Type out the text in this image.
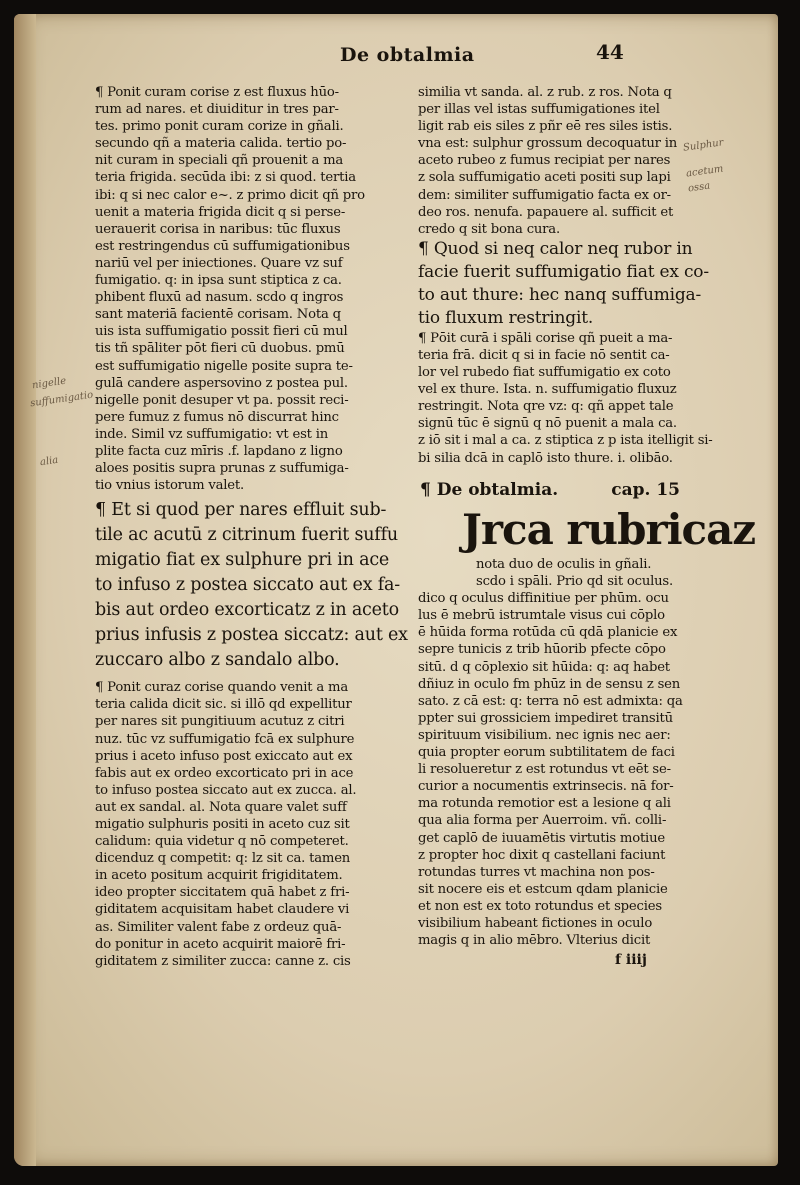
De obtalmia	44
¶ Ponit curam corise z est fluxus hūo-
rum ad nares. et diuiditur in tres par-
tes. primo ponit curam corize in gñali.
secundo qñ a materia calida. tertio po-
nit curam in speciali qñ prouenit a ma
teria frigida. secūda ibi: z si quod. tertia
ibi: q si nec calor e~. z primo dicit qñ pro
uenit a materia frigida dicit q si perse-
uerauerit corisa in naribus: tūc fluxus
est restringendus cū suffumigationibus
nariū vel per iniectiones. Quare vz suf
fumigatio. q: in ipsa sunt stiptica z ca.
phibent fluxū ad nasum. scdo q ingros
sant materiā facientē corisam. Nota q
uis ista suffumigatio possit fieri cū mul
tis tñ spāliter pōt fieri cū duobus. pmū
est suffumigatio nigelle posite supra te-
gulā candere aspersovino z postea pul.
nigelle ponit desuper vt pa. possit reci-
pere fumuz z fumus nō discurrat hinc
inde. Simil vz suffumigatio: vt est in
plite facta cuz mīris .f. lapdano z ligno
aloes positis supra prunas z suffumiga-
tio vnius istorum valet.
¶ Et si quod per nares effluit sub-
tile ac acutū z citrinum fuerit suffu
migatio fiat ex sulphure pri in ace
to infuso z postea siccato aut ex fa-
bis aut ordeo excorticatz z in aceto
prius infusis z postea siccatz: aut ex
zuccaro albo z sandalo albo.
¶ Ponit curaz corise quando venit a ma
teria calida dicit sic. si illō qd expellitur
per nares sit pungitiuum acutuz z citri
nuz. tūc vz suffumigatio fcā ex sulphure
prius i aceto infuso post exiccato aut ex
fabis aut ex ordeo excorticato pri in ace
to infuso postea siccato aut ex zucca. al.
aut ex sandal. al. Nota quare valet suff
migatio sulphuris positi in aceto cuz sit
calidum: quia videtur q nō competeret.
dicenduz q competit: q: lz sit ca. tamen
in aceto positum acquirit frigiditatem.
ideo propter siccitatem quā habet z fri-
giditatem acquisitam habet claudere vi
as. Similiter valent fabe z ordeuz quā-
do ponitur in aceto acquirit maiorē fri-
giditatem z similiter zucca: canne z. cis
similia vt sanda. al. z rub. z ros. Nota q
per illas vel istas suffumigationes itel
ligit rab eis siles z pñr eē res siles istis.
vna est: sulphur grossum decoquatur in
aceto rubeo z fumus recipiat per nares
z sola suffumigatio aceti positi sup lapi
dem: similiter suffumigatio facta ex or-
deo ros. nenufa. papauere al. sufficit et
credo q sit bona cura.
¶ Quod si neq calor neq rubor in
facie fuerit suffumigatio fiat ex co-
to aut thure: hec nanq suffumiga-
tio fluxum restringit.
¶ Pōit curā i spāli corise qñ pueit a ma-
teria frā. dicit q si in facie nō sentit ca-
lor vel rubedo fiat suffumigatio ex coto
vel ex thure. Ista. n. suffumigatio fluxuz
restringit. Nota qre vz: q: qñ appet tale
signū tūc ē signū q nō puenit a mala ca.
z iō sit i mal a ca. z stiptica z p ista itelligit si-
bi silia dcā in caplō isto thure. i. olibāo.
¶ De obtalmia.	cap. 15
Jrca rubricaz
nota duo de oculis in gñali.
scdo i spāli. Prio qd sit oculus.
dico q oculus diffinitiue per phūm. ocu
lus ē mebrū istrumtale visus cui cōplo
ē hūida forma rotūda cū qdā planicie ex
sepre tunicis z trib hūorib pfecte cōpo
sitū. d q cōplexio sit hūida: q: aq habet
dñiuz in oculo fm phūz in de sensu z sen
sato. z cā est: q: terra nō est admixta: qa
ppter sui grossiciem impediret transitū
spirituum visibilium. nec ignis nec aer:
quia propter eorum subtilitatem de faci
li resolueretur z est rotundus vt eēt se-
curior a nocumentis extrinsecis. nā for-
ma rotunda remotior est a lesione q ali
qua alia forma per Auerroim. vñ. colli-
get caplō de iuuamētis virtutis motiue
z propter hoc dixit q castellani faciunt
rotundas turres vt machina non pos-
sit nocere eis et estcum qdam planicie
et non est ex toto rotundus et species
visibilium habeant fictiones in oculo
magis q in alio mēbro. Vlterius dicit
f iiij
Sulphur
acetum
ossa
nigelle
suffumigatio
alia
